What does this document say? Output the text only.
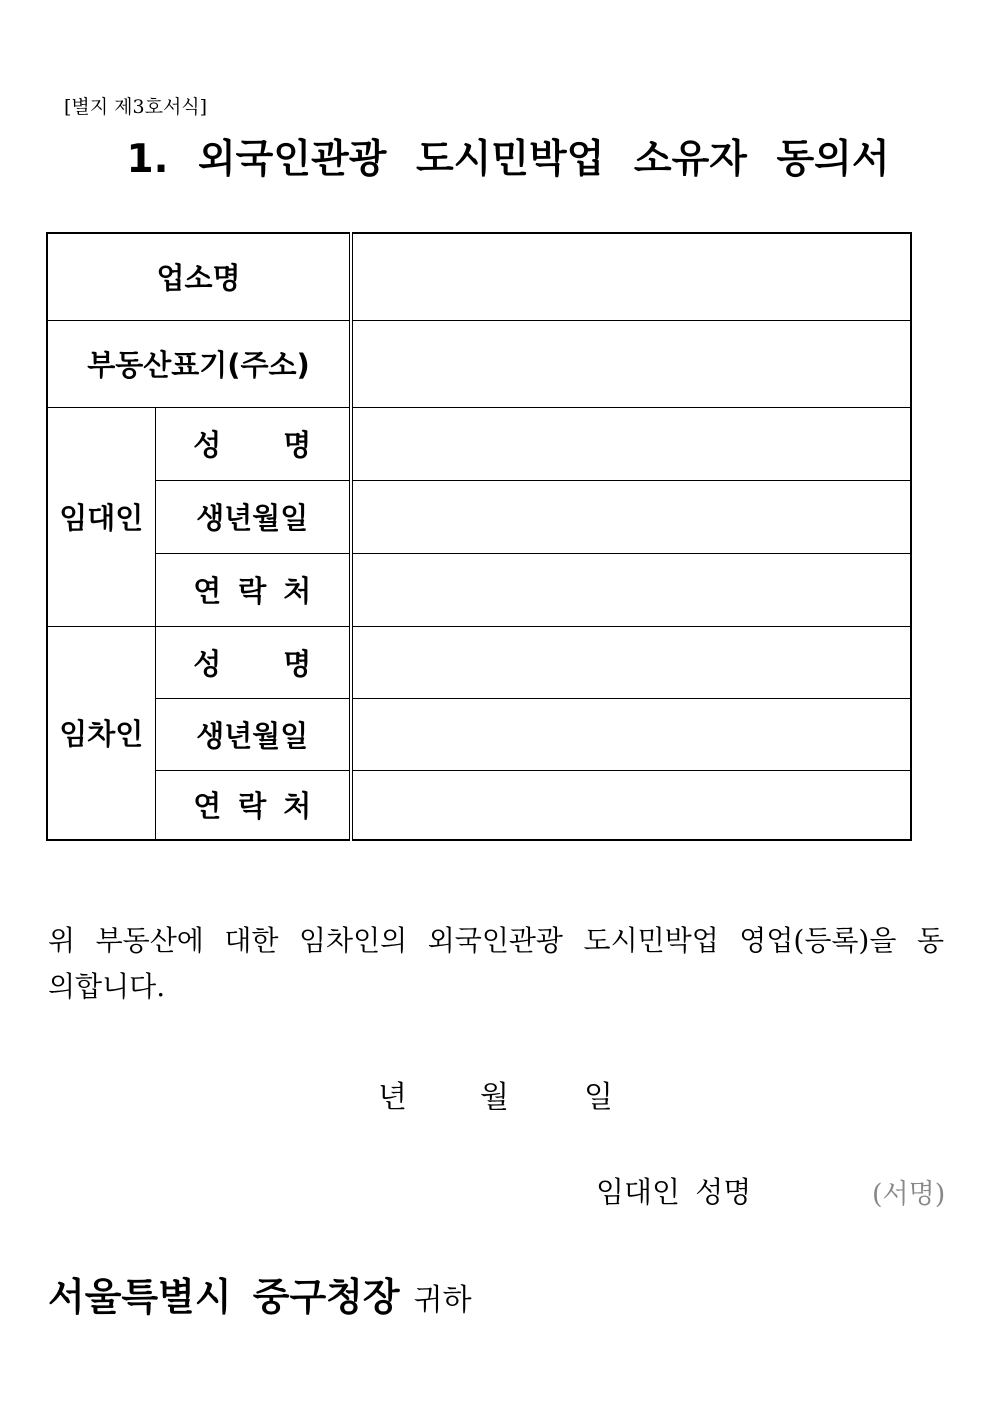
[별지 제3호서식]
1. 외국인관광 도시민박업 소유자 동의서
업소명		
부동산표기(주소)		
임대인	성 명	
	생년월일	
	연 락 처	
임차인	성 명	
	생년월일	
	연 락 처	
위 부동산에 대한 임차인의 외국인관광 도시민박업 영업(등록)을 동의합니다.
년 월	일
임대인 성명	(서명)
서울특별시 중구청장 귀하
